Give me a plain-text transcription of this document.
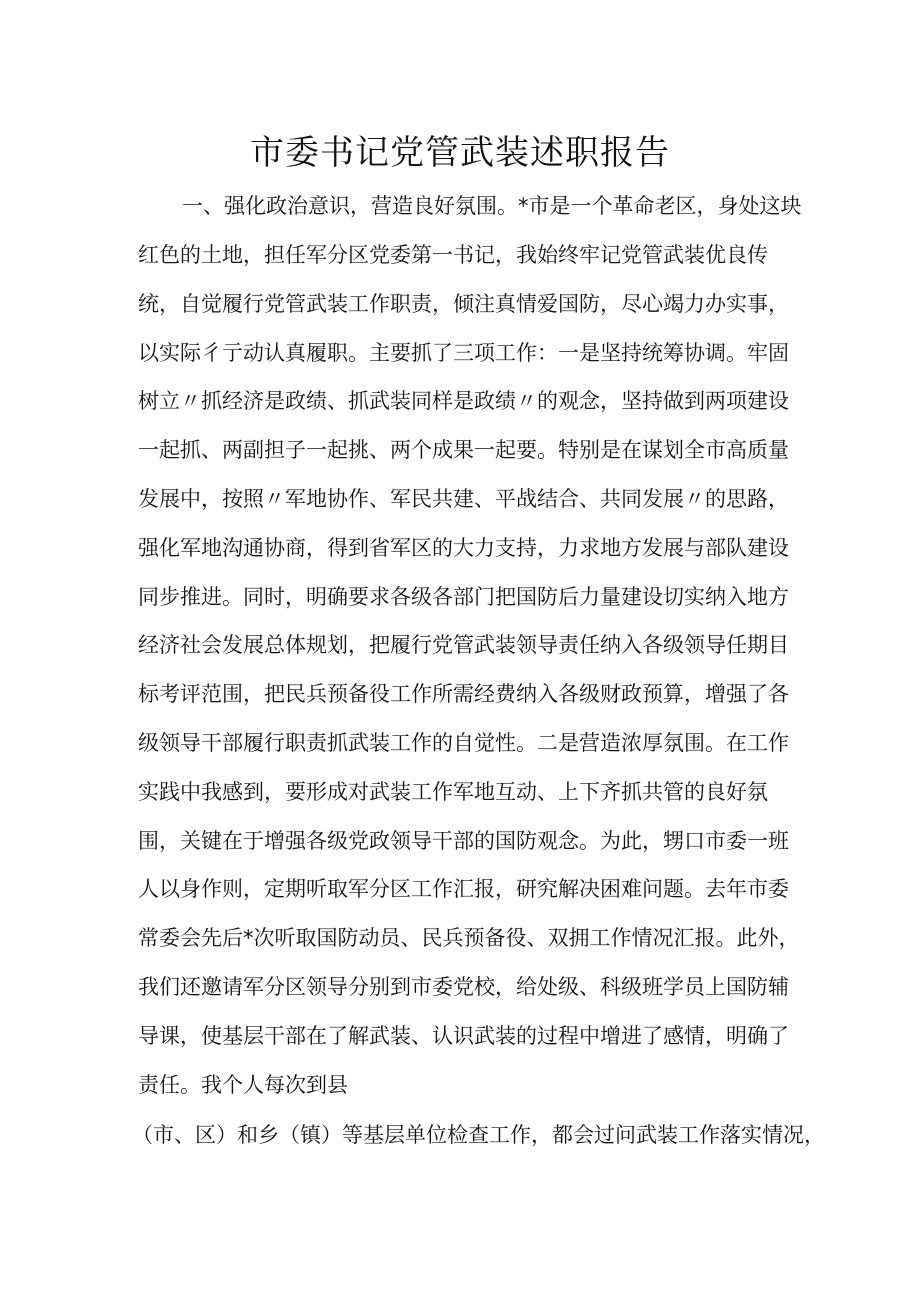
市委书记党管武装述职报告
一、强化政治意识，营造良好氛围。*市是一个革命老区，身处这块
红色的土地，担任军分区党委第一书记，我始终牢记党管武装优良传
统，自觉履行党管武装工作职责，倾注真情爱国防，尽心竭力办实事，
以实际彳亍动认真履职。主要抓了三项工作：一是坚持统筹协调。牢固
树立〃抓经济是政绩、抓武装同样是政绩〃的观念，坚持做到两项建设
一起抓、两副担子一起挑、两个成果一起要。特别是在谋划全市高质量
发展中，按照〃军地协作、军民共建、平战结合、共同发展〃的思路，
强化军地沟通协商，得到省军区的大力支持，力求地方发展与部队建设
同步推进。同时，明确要求各级各部门把国防后力量建设切实纳入地方
经济社会发展总体规划，把履行党管武装领导责任纳入各级领导任期目
标考评范围，把民兵预备役工作所需经费纳入各级财政预算，增强了各
级领导干部履行职责抓武装工作的自觉性。二是营造浓厚氛围。在工作
实践中我感到，要形成对武装工作军地互动、上下齐抓共管的良好氛
围，关键在于增强各级党政领导干部的国防观念。为此，甥口市委一班
人以身作则，定期听取军分区工作汇报，研究解决困难问题。去年市委
常委会先后*次听取国防动员、民兵预备役、双拥工作情况汇报。此外，
我们还邀请军分区领导分别到市委党校，给处级、科级班学员上国防辅
导课，使基层干部在了解武装、认识武装的过程中增进了感情，明确了
责任。我个人每次到县
（市、区）和乡（镇）等基层单位检查工作，都会过问武装工作落实情况，
